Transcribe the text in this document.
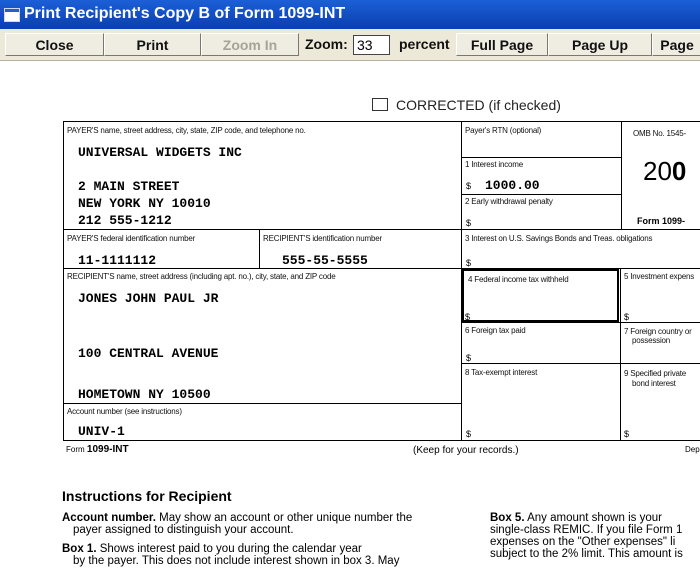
Print Recipient's Copy B of Form 1099-INT
Close	Print	Zoom In	Zoom:
33	percent	Full Page	Page Up	Page
CORRECTED (if checked)
PAYER'S name, street address, city, state, ZIP code, and telephone no.
UNIVERSAL WIDGETS INC
2 MAIN STREET
NEW YORK NY 10010
212 555-1212
Payer's RTN (optional)	OMB No. 1545-
200
Form 1099-
1 Interest income
$ 1000.00
2 Early withdrawal penalty
$
PAYER'S federal identification number
11-1111112
RECIPIENT'S identification number
555-55-5555
3 Interest on U.S. Savings Bonds and Treas. obligations
$
RECIPIENT'S name, street address (including apt. no.), city, state, and ZIP code
JONES JOHN PAUL JR
100 CENTRAL AVENUE
HOMETOWN NY 10500
4 Federal income tax withheld
$
5 Investment expens
$
6 Foreign tax paid
$
7 Foreign country or
possession
8 Tax-exempt interest
$
9 Specified private
bond interest
$
Account number (see instructions)
UNIV-1
Form 1099-INT	(Keep for your records.)	Dep
Instructions for Recipient
Account number. May show an account or other unique number the
payer assigned to distinguish your account.
Box 1. Shows interest paid to you during the calendar year
by the payer. This does not include interest shown in box 3. May
Box 5. Any amount shown is your
single-class REMIC. If you file Form 1
expenses on the "Other expenses" li
subject to the 2% limit. This amount is
